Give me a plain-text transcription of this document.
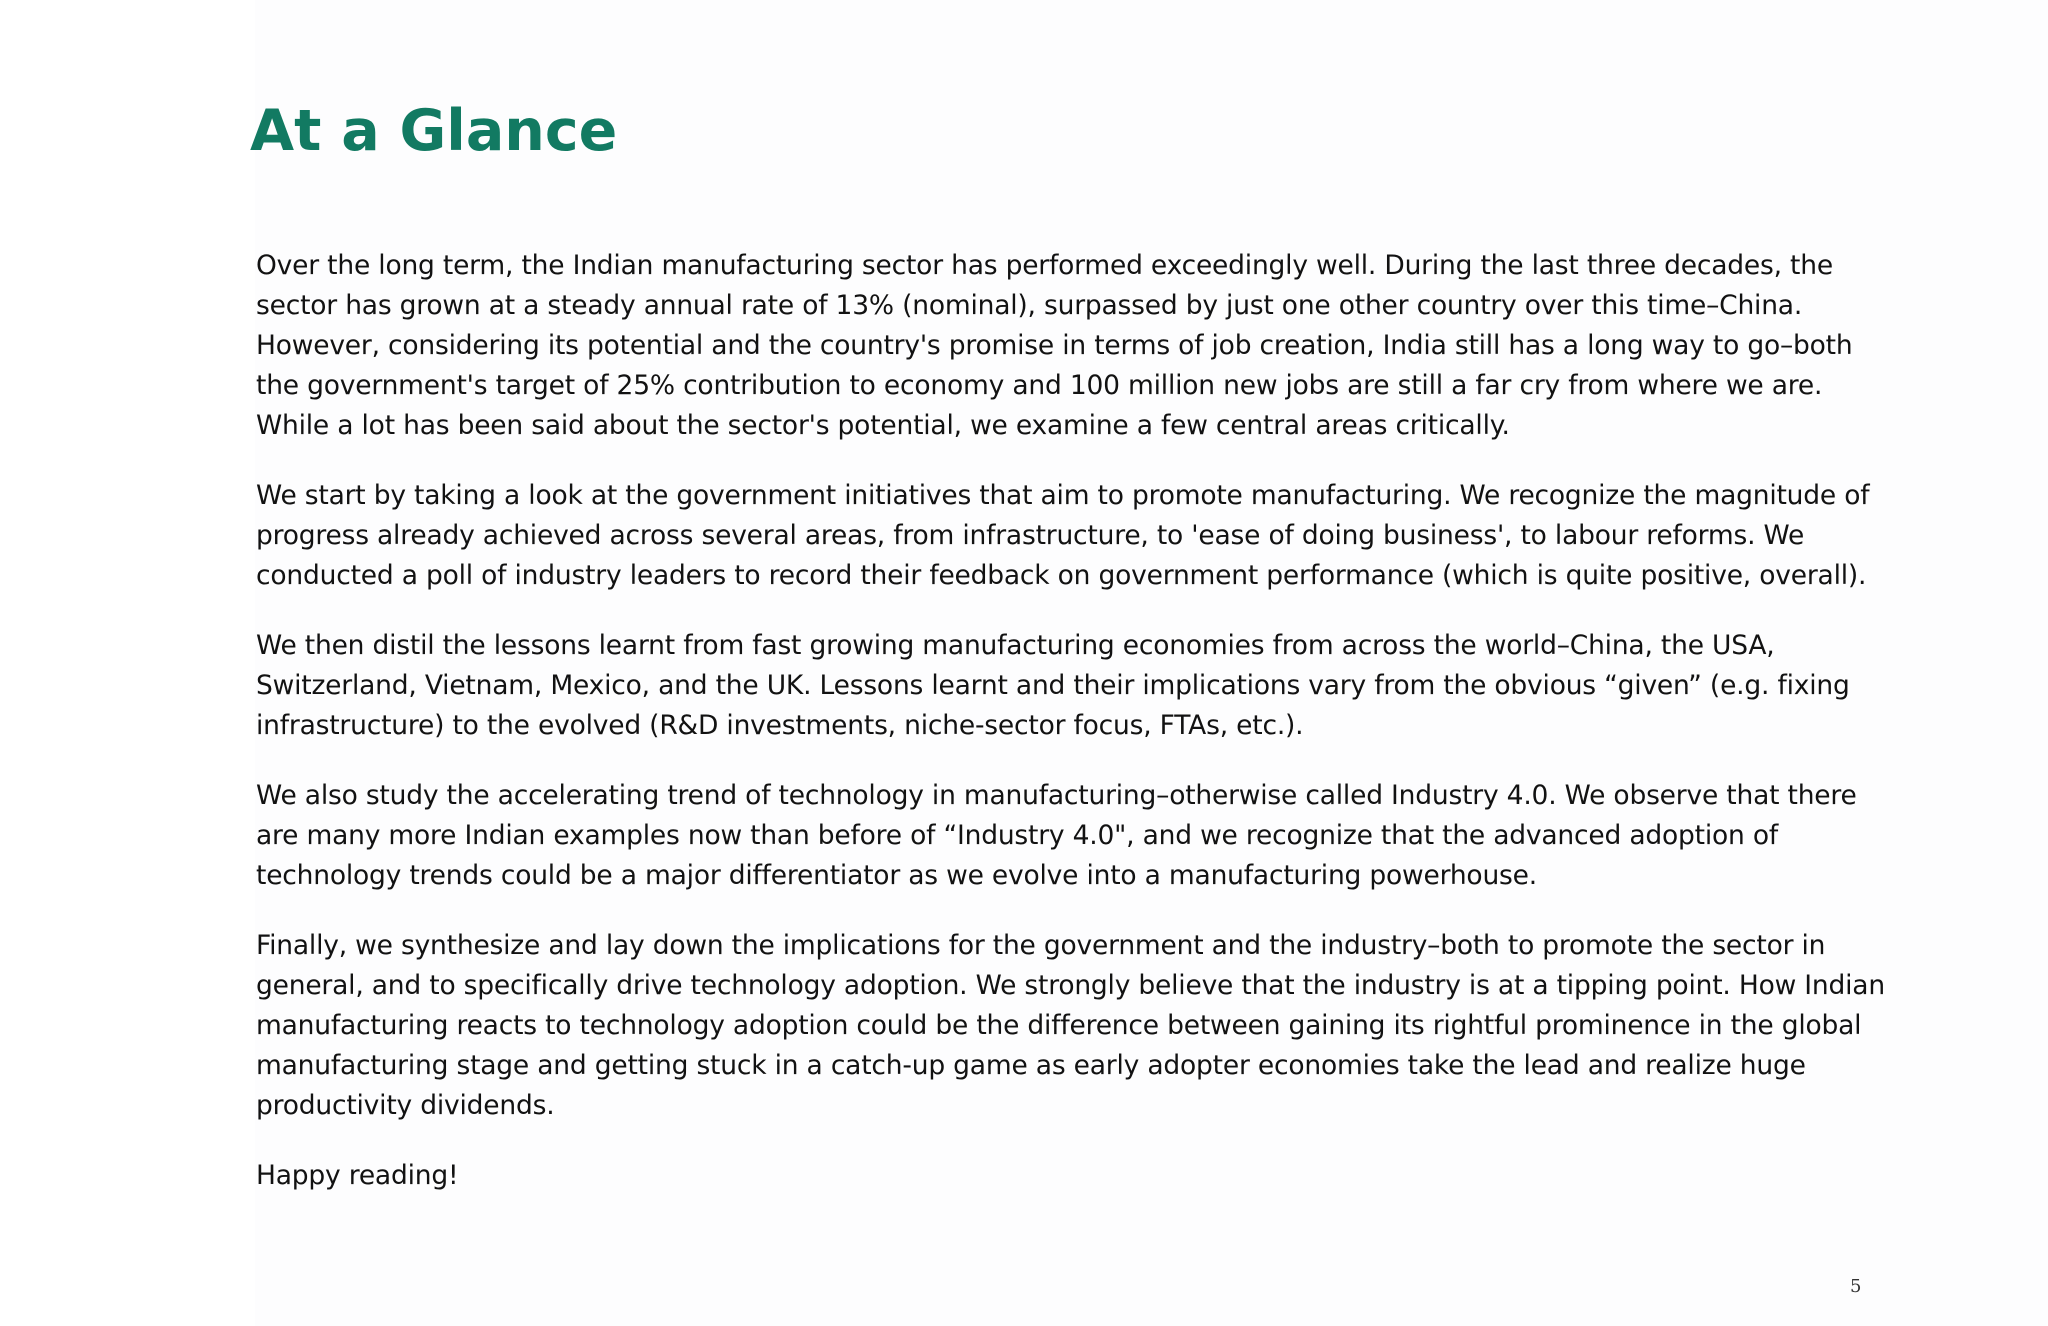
At a Glance

Over the long term, the Indian manufacturing sector has performed exceedingly well. During the last three decades, the sector has grown at a steady annual rate of 13% (nominal), surpassed by just one other country over this time–China. However, considering its potential and the country's promise in terms of job creation, India still has a long way to go–both the government's target of 25% contribution to economy and 100 million new jobs are still a far cry from where we are. While a lot has been said about the sector's potential, we examine a few central areas critically.

We start by taking a look at the government initiatives that aim to promote manufacturing. We recognize the magnitude of progress already achieved across several areas, from infrastructure, to 'ease of doing business', to labour reforms. We conducted a poll of industry leaders to record their feedback on government performance (which is quite positive, overall).

We then distil the lessons learnt from fast growing manufacturing economies from across the world–China, the USA, Switzerland, Vietnam, Mexico, and the UK. Lessons learnt and their implications vary from the obvious “given” (e.g. fixing infrastructure) to the evolved (R&D investments, niche-sector focus, FTAs, etc.).

We also study the accelerating trend of technology in manufacturing–otherwise called Industry 4.0. We observe that there are many more Indian examples now than before of “Industry 4.0", and we recognize that the advanced adoption of technology trends could be a major differentiator as we evolve into a manufacturing powerhouse.

Finally, we synthesize and lay down the implications for the government and the industry–both to promote the sector in general, and to specifically drive technology adoption. We strongly believe that the industry is at a tipping point. How Indian manufacturing reacts to technology adoption could be the difference between gaining its rightful prominence in the global manufacturing stage and getting stuck in a catch-up game as early adopter economies take the lead and realize huge productivity dividends.

Happy reading!

5
